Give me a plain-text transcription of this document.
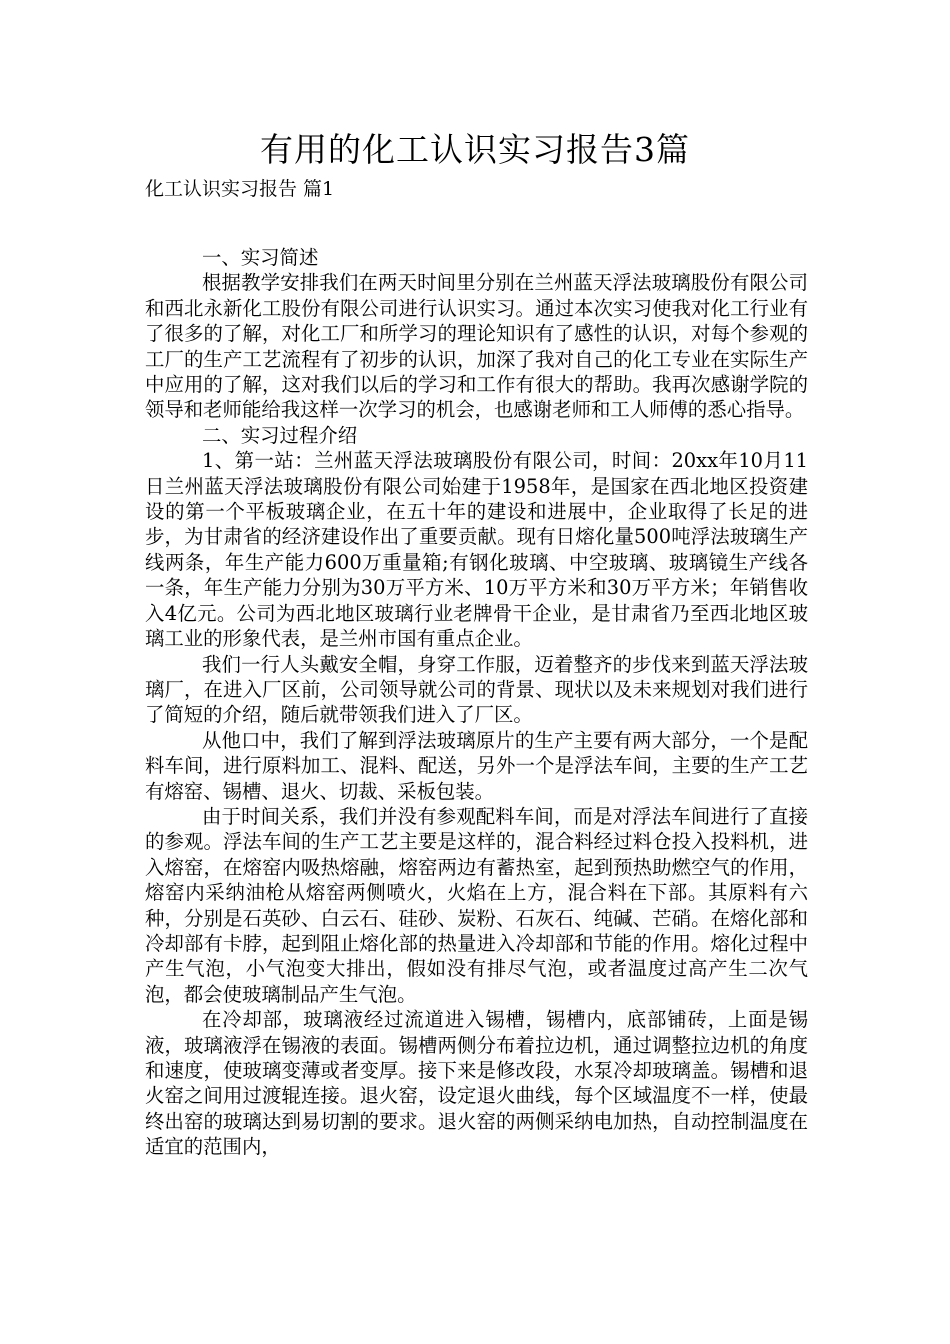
有用的化工认识实习报告3篇

化工认识实习报告 篇1

一、实习简述

根据教学安排我们在两天时间里分别在兰州蓝天浮法玻璃股份有限公司和西北永新化工股份有限公司进行认识实习。通过本次实习使我对化工行业有了很多的了解，对化工厂和所学习的理论知识有了感性的认识，对每个参观的工厂的生产工艺流程有了初步的认识，加深了我对自己的化工专业在实际生产中应用的了解，这对我们以后的学习和工作有很大的帮助。我再次感谢学院的领导和老师能给我这样一次学习的机会，也感谢老师和工人师傅的悉心指导。

二、实习过程介绍

1、第一站：兰州蓝天浮法玻璃股份有限公司，时间：20xx年10月11日兰州蓝天浮法玻璃股份有限公司始建于1958年，是国家在西北地区投资建设的第一个平板玻璃企业，在五十年的建设和进展中，企业取得了长足的进步，为甘肃省的经济建设作出了重要贡献。现有日熔化量500吨浮法玻璃生产线两条，年生产能力600万重量箱;有钢化玻璃、中空玻璃、玻璃镜生产线各一条，年生产能力分别为30万平方米、10万平方米和30万平方米；年销售收入4亿元。公司为西北地区玻璃行业老牌骨干企业，是甘肃省乃至西北地区玻璃工业的形象代表，是兰州市国有重点企业。

我们一行人头戴安全帽，身穿工作服，迈着整齐的步伐来到蓝天浮法玻璃厂，在进入厂区前，公司领导就公司的背景、现状以及未来规划对我们进行了简短的介绍，随后就带领我们进入了厂区。

从他口中，我们了解到浮法玻璃原片的生产主要有两大部分，一个是配料车间，进行原料加工、混料、配送，另外一个是浮法车间，主要的生产工艺有熔窑、锡槽、退火、切裁、采板包装。

由于时间关系，我们并没有参观配料车间，而是对浮法车间进行了直接的参观。浮法车间的生产工艺主要是这样的，混合料经过料仓投入投料机，进入熔窑，在熔窑内吸热熔融，熔窑两边有蓄热室，起到预热助燃空气的作用，熔窑内采纳油枪从熔窑两侧喷火，火焰在上方，混合料在下部。其原料有六种，分别是石英砂、白云石、硅砂、炭粉、石灰石、纯碱、芒硝。在熔化部和冷却部有卡脖，起到阻止熔化部的热量进入冷却部和节能的作用。熔化过程中产生气泡，小气泡变大排出，假如没有排尽气泡，或者温度过高产生二次气泡，都会使玻璃制品产生气泡。

在冷却部，玻璃液经过流道进入锡槽，锡槽内，底部铺砖，上面是锡液，玻璃液浮在锡液的表面。锡槽两侧分布着拉边机，通过调整拉边机的角度和速度，使玻璃变薄或者变厚。接下来是修改段，水泵冷却玻璃盖。锡槽和退火窑之间用过渡辊连接。退火窑，设定退火曲线，每个区域温度不一样，使最终出窑的玻璃达到易切割的要求。退火窑的两侧采纳电加热，自动控制温度在适宜的范围内，
